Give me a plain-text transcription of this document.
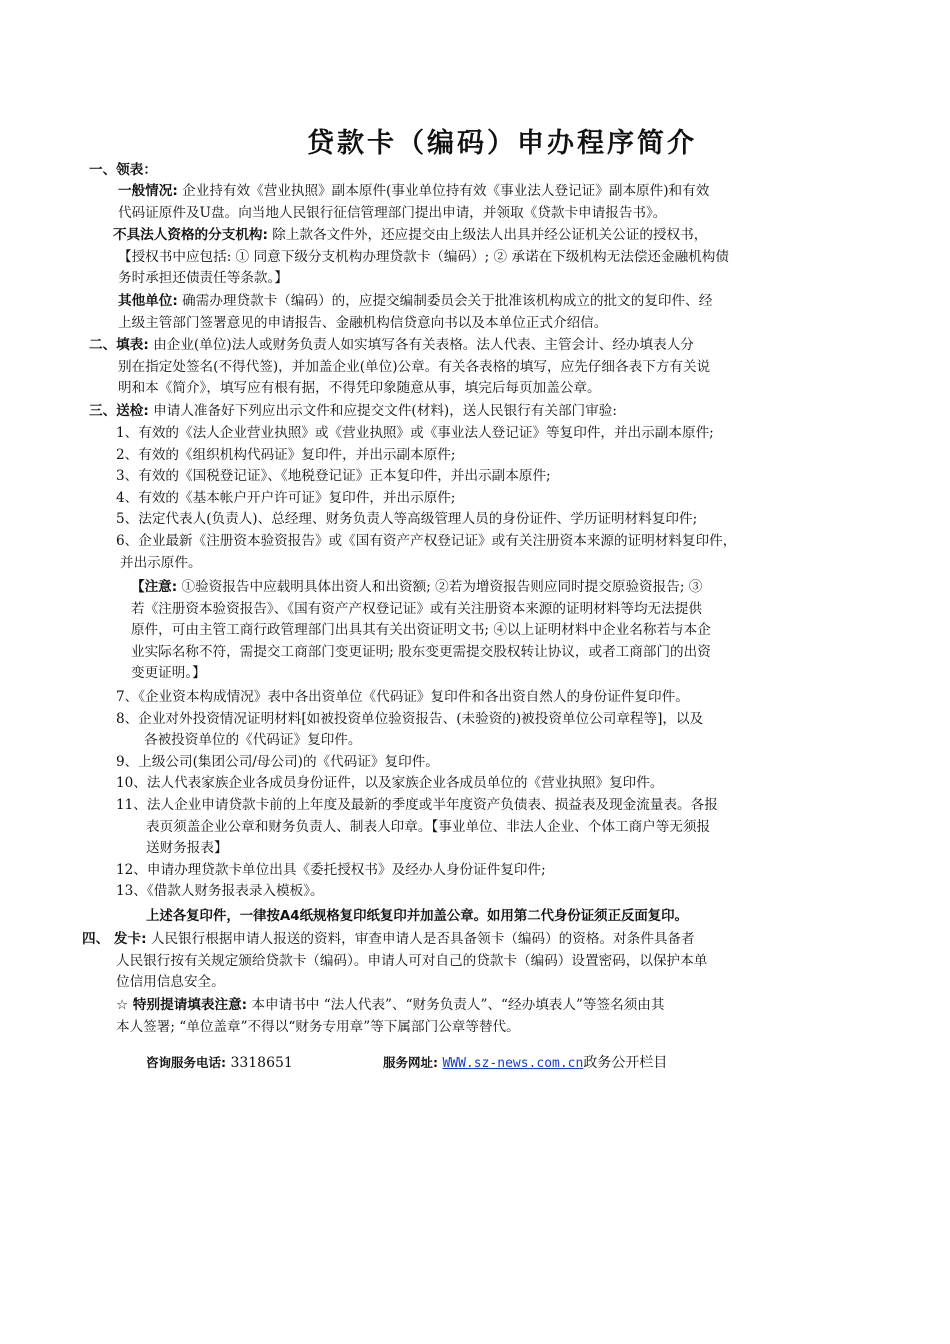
贷款卡（编码）申办程序简介
一、领表：
一般情况: 企业持有效《营业执照》副本原件(事业单位持有效《事业法人登记证》副本原件)和有效
代码证原件及U盘。向当地人民银行征信管理部门提出申请，并领取《贷款卡申请报告书》。
不具法人资格的分支机构: 除上款各文件外，还应提交由上级法人出具并经公证机关公证的授权书，
【授权书中应包括: ① 同意下级分支机构办理贷款卡（编码）; ② 承诺在下级机构无法偿还金融机构债
务时承担还债责任等条款。】
其他单位: 确需办理贷款卡（编码）的，应提交编制委员会关于批准该机构成立的批文的复印件、经
上级主管部门签署意见的申请报告、金融机构信贷意向书以及本单位正式介绍信。
二、填表: 由企业(单位)法人或财务负责人如实填写各有关表格。法人代表、主管会计、经办填表人分
别在指定处签名(不得代签)，并加盖企业(单位)公章。有关各表格的填写，应先仔细各表下方有关说
明和本《简介》，填写应有根有据，不得凭印象随意从事，填完后每页加盖公章。
三、送检: 申请人准备好下列应出示文件和应提交文件(材料)，送人民银行有关部门审验:
1、有效的《法人企业营业执照》或《营业执照》或《事业法人登记证》等复印件，并出示副本原件;
2、有效的《组织机构代码证》复印件，并出示副本原件;
3、有效的《国税登记证》、《地税登记证》正本复印件，并出示副本原件;
4、有效的《基本帐户开户许可证》复印件，并出示原件;
5、法定代表人(负责人)、总经理、财务负责人等高级管理人员的身份证件、学历证明材料复印件;
6、企业最新《注册资本验资报告》或《国有资产产权登记证》或有关注册资本来源的证明材料复印件，
并出示原件。
【注意: ①验资报告中应载明具体出资人和出资额; ②若为增资报告则应同时提交原验资报告; ③
若《注册资本验资报告》、《国有资产产权登记证》或有关注册资本来源的证明材料等均无法提供
原件，可由主管工商行政管理部门出具其有关出资证明文书; ④以上证明材料中企业名称若与本企
业实际名称不符，需提交工商部门变更证明; 股东变更需提交股权转让协议，或者工商部门的出资
变更证明。】
7、《企业资本构成情况》表中各出资单位《代码证》复印件和各出资自然人的身份证件复印件。
8、企业对外投资情况证明材料[如被投资单位验资报告、(未验资的)被投资单位公司章程等]，以及
各被投资单位的《代码证》复印件。
9、上级公司(集团公司/母公司)的《代码证》复印件。
10、法人代表家族企业各成员身份证件，以及家族企业各成员单位的《营业执照》复印件。
11、法人企业申请贷款卡前的上年度及最新的季度或半年度资产负债表、损益表及现金流量表。各报
表页须盖企业公章和财务负责人、制表人印章。【事业单位、非法人企业、个体工商户等无须报
送财务报表】
12、申请办理贷款卡单位出具《委托授权书》及经办人身份证件复印件;
13、《借款人财务报表录入模板》。
上述各复印件，一律按A4纸规格复印纸复印并加盖公章。如用第二代身份证须正反面复印。
四、 发卡: 人民银行根据申请人报送的资料，审查申请人是否具备领卡（编码）的资格。对条件具备者
人民银行按有关规定颁给贷款卡（编码）。申请人可对自己的贷款卡（编码）设置密码，以保护本单
位信用信息安全。
☆ 特别提请填表注意: 本申请书中 “法人代表”、“财务负责人”、“经办填表人”等签名须由其
本人签署; “单位盖章”不得以“财务专用章”等下属部门公章等替代。
咨询服务电话: 3318651	服务网址: WWW.sz-news.com.cn政务公开栏目
